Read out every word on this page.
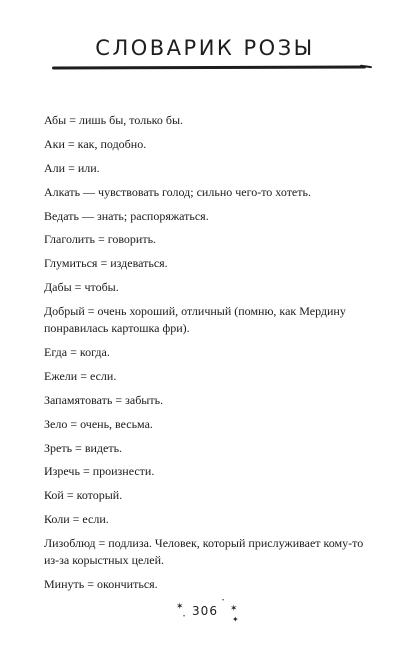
СЛОВАРИК РОЗЫ
Абы = лишь бы, только бы.
Аки = как, подобно.
Али = или.
Алкать — чувствовать голод; сильно чего-то хотеть.
Ведать — знать; распоряжаться.
Глаголить = говорить.
Глумиться = издеваться.
Дабы = чтобы.
Добрый = очень хороший, отличный (помню, как Мердину понравилась картошка фри).
Егда = когда.
Ежели = если.
Запамятовать = забыть.
Зело = очень, весьма.
Зреть = видеть.
Изречь = произнести.
Кой = который.
Коли = если.
Лизоблюд = подлиза. Человек, который прислуживает кому-то из-за корыстных целей.
Минуть = окончиться.
✶
•
•
✶
✦
306
